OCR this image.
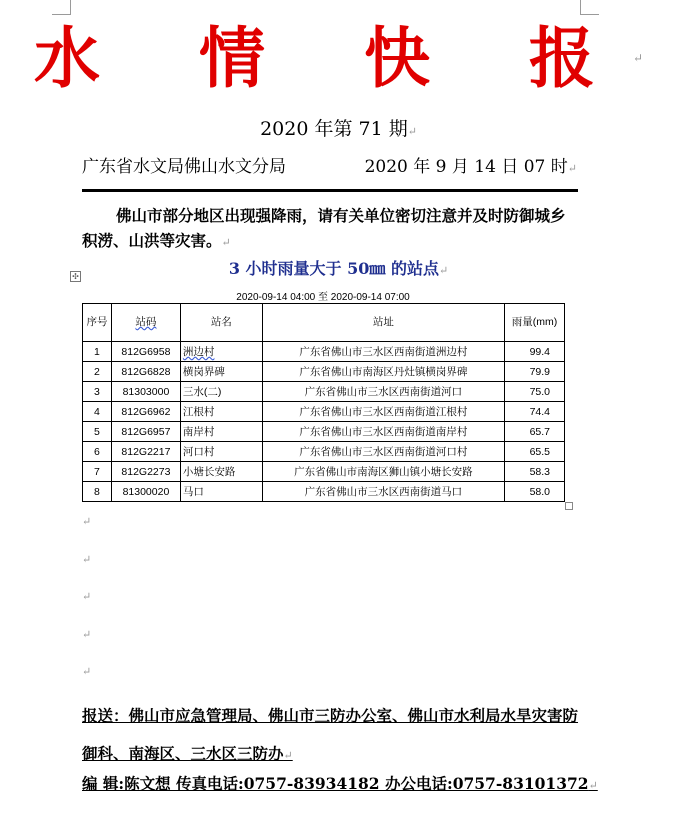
水 情 快 报↵
2020 年第 71 期↵
广东省水文局佛山水文分局	2020 年 9 月 14 日 07 时↵
佛山市部分地区出现强降雨，请有关单位密切注意并及时防御城乡积涝、山洪等灾害。↵
3 小时雨量大于 50㎜ 的站点↵
✣
2020-09-14 04:00 至 2020-09-14 07:00
序号	站码	站名	站址	雨量(mm)
1	812G6958	洲边村	广东省佛山市三水区西南街道洲边村	99.4
2	812G6828	横岗界碑	广东省佛山市南海区丹灶镇横岗界碑	79.9
3	81303000	三水(二)	广东省佛山市三水区西南街道河口	75.0
4	812G6962	江根村	广东省佛山市三水区西南街道江根村	74.4
5	812G6957	南岸村	广东省佛山市三水区西南街道南岸村	65.7
6	812G2217	河口村	广东省佛山市三水区西南街道河口村	65.5
7	812G2273	小塘长安路	广东省佛山市南海区狮山镇小塘长安路	58.3
8	81300020	马口	广东省佛山市三水区西南街道马口	58.0
↵
↵
↵
↵
↵
报送：佛山市应急管理局、佛山市三防办公室、佛山市水利局水旱灾害防御科、南海区、三水区三防办↵
编 辑:陈文想 传真电话:0757-83934182 办公电话:0757-83101372↵
